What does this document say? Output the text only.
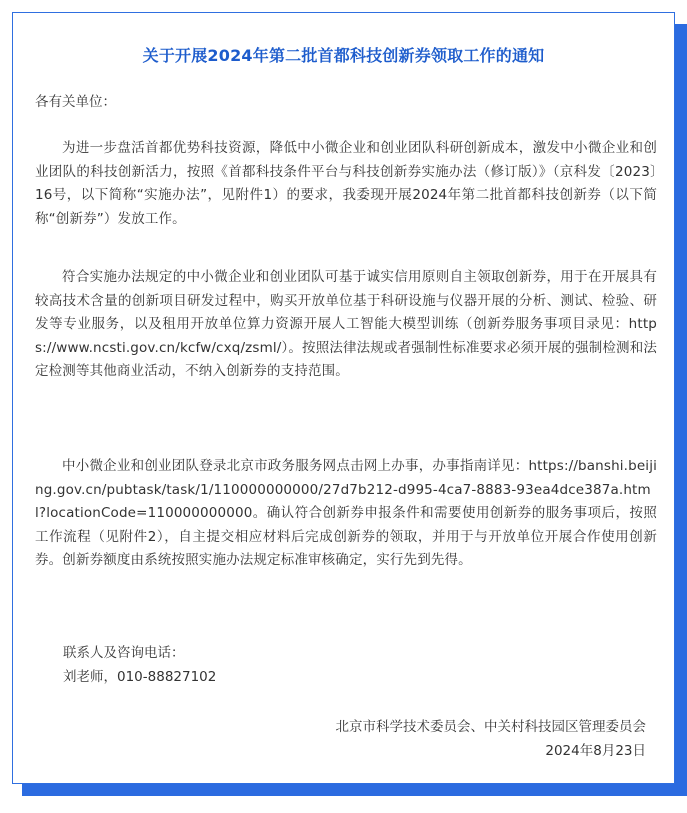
关于开展2024年第二批首都科技创新券领取工作的通知

各有关单位：

为进一步盘活首都优势科技资源，降低中小微企业和创业团队科研创新成本，激发中小微企业和创业团队的科技创新活力，按照《首都科技条件平台与科技创新券实施办法（修订版）》（京科发〔2023〕16号，以下简称“实施办法”，见附件1）的要求，我委现开展2024年第二批首都科技创新券（以下简称“创新券”）发放工作。

符合实施办法规定的中小微企业和创业团队可基于诚实信用原则自主领取创新券，用于在开展具有较高技术含量的创新项目研发过程中，购买开放单位基于科研设施与仪器开展的分析、测试、检验、研发等专业服务，以及租用开放单位算力资源开展人工智能大模型训练（创新券服务事项目录见：https://www.ncsti.gov.cn/kcfw/cxq/zsml/）。按照法律法规或者强制性标准要求必须开展的强制检测和法定检测等其他商业活动，不纳入创新券的支持范围。

中小微企业和创业团队登录北京市政务服务网点击网上办事，办事指南详见：https://banshi.beijing.gov.cn/pubtask/task/1/110000000000/27d7b212-d995-4ca7-8883-93ea4dce387a.html?locationCode=110000000000。确认符合创新券申报条件和需要使用创新券的服务事项后，按照工作流程（见附件2），自主提交相应材料后完成创新券的领取，并用于与开放单位开展合作使用创新券。创新券额度由系统按照实施办法规定标准审核确定，实行先到先得。

联系人及咨询电话：
刘老师，010-88827102
北京市科学技术委员会、中关村科技园区管理委员会
2024年8月23日
